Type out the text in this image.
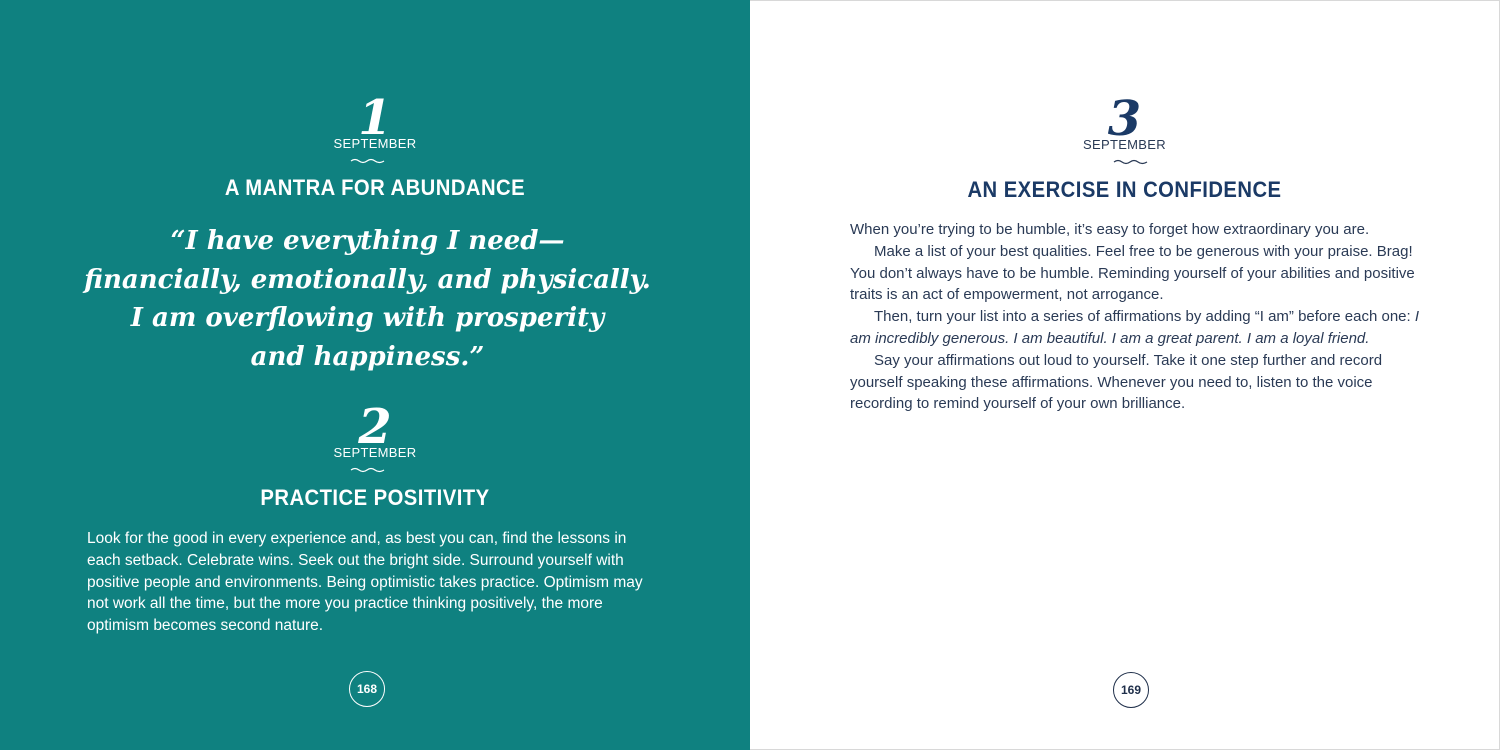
1
SEPTEMBER
A MANTRA FOR ABUNDANCE

“I have everything I need—
financially, emotionally, and physically.
I am overflowing with prosperity
and happiness.”

2
SEPTEMBER
PRACTICE POSITIVITY

Look for the good in every experience and, as best you can, find the lessons in each setback. Celebrate wins. Seek out the bright side. Surround yourself with positive people and environments. Being optimistic takes practice. Optimism may not work all the time, but the more you practice thinking positively, the more optimism becomes second nature.

168
3
SEPTEMBER
AN EXERCISE IN CONFIDENCE

When you’re trying to be humble, it’s easy to forget how extraordinary you are.

Make a list of your best qualities. Feel free to be generous with your praise. Brag! You don’t always have to be humble. Reminding yourself of your abilities and positive traits is an act of empowerment, not arrogance.

Then, turn your list into a series of affirmations by adding “I am” before each one: I am incredibly generous. I am beautiful. I am a great parent. I am a loyal friend.

Say your affirmations out loud to yourself. Take it one step further and record yourself speaking these affirmations. Whenever you need to, listen to the voice recording to remind yourself of your own brilliance.

169
